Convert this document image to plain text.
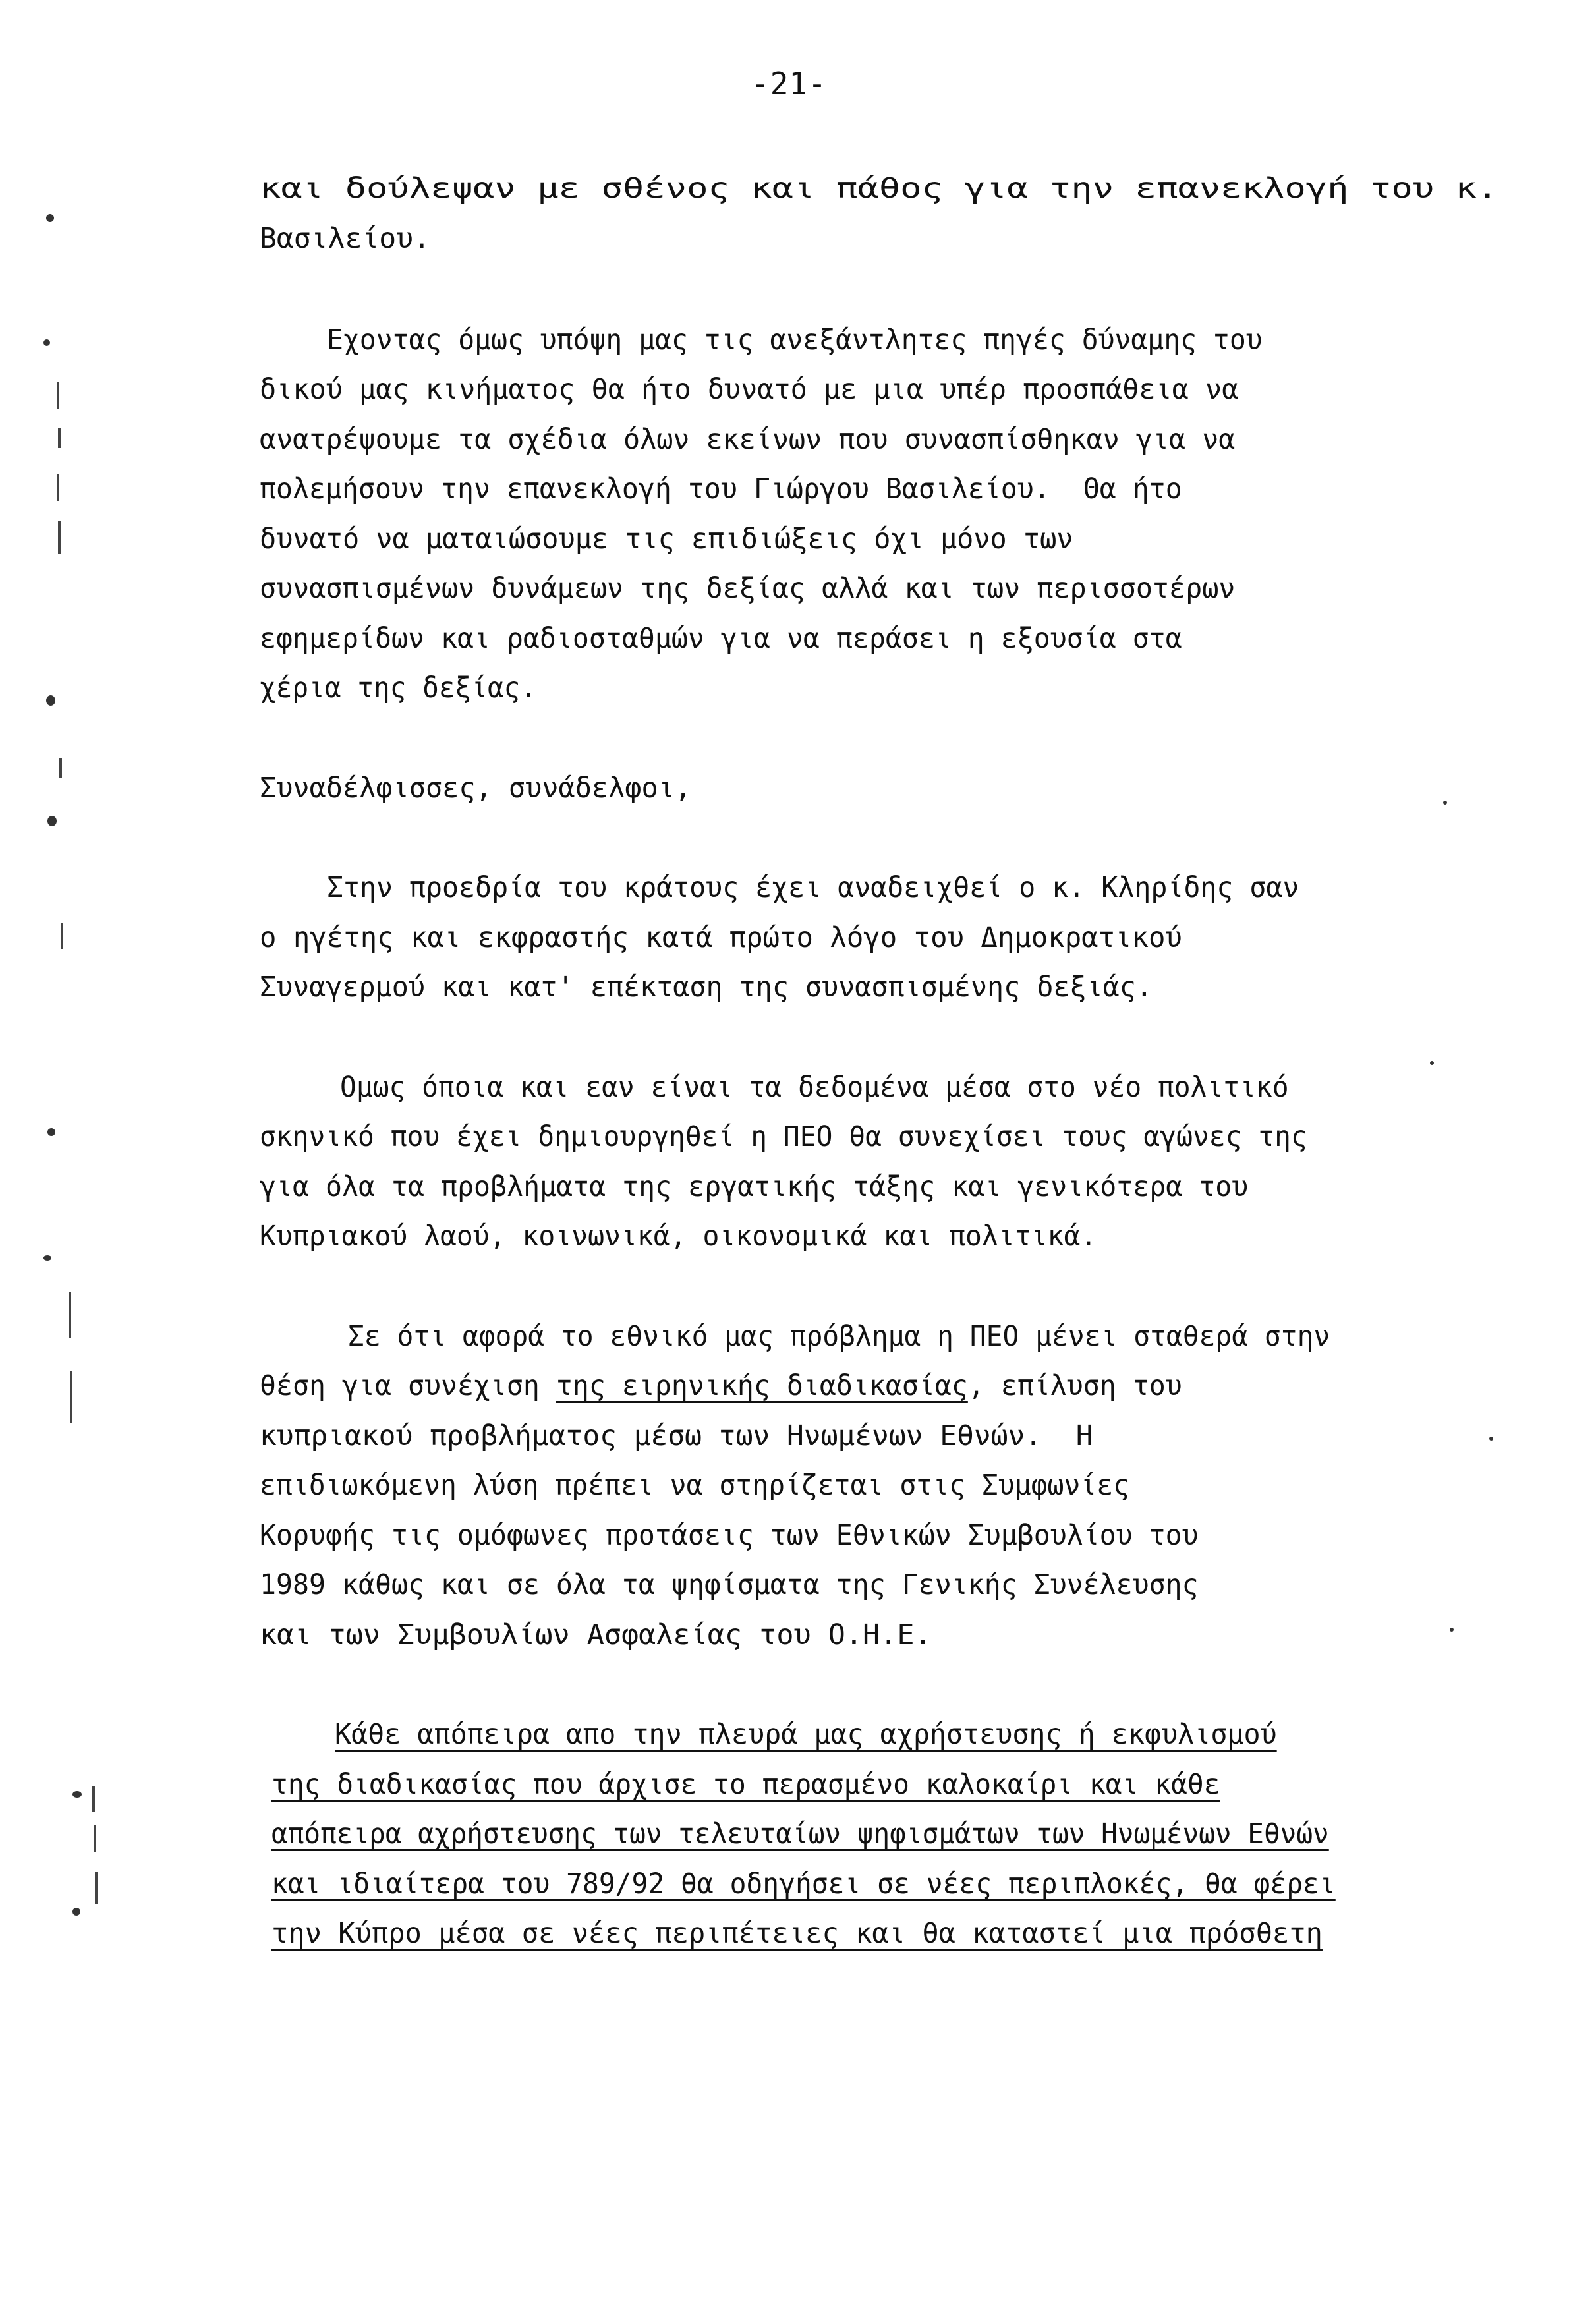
-21-
και δούλεψαν με σθένος και πάθος για την επανεκλογή του κ.
Βασιλείου.
Εχοντας όμως υπόψη μας τις ανεξάντλητες πηγές δύναμης του
δικού μας κινήματος θα ήτο δυνατό με μια υπέρ προσπάθεια να
ανατρέψουμε τα σχέδια όλων εκείνων που συνασπίσθηκαν για να
πολεμήσουν την επανεκλογή του Γιώργου Βασιλείου.  Θα ήτο
δυνατό να ματαιώσουμε τις επιδιώξεις όχι μόνο των
συνασπισμένων δυνάμεων της δεξίας αλλά και των περισσοτέρων
εφημερίδων και ραδιοσταθμών για να περάσει η εξουσία στα
χέρια της δεξίας.
Συναδέλφισσες, συνάδελφοι,
Στην προεδρία του κράτους έχει αναδειχθεί ο κ. Κληρίδης σαν
ο ηγέτης και εκφραστής κατά πρώτο λόγο του Δημοκρατικού
Συναγερμού και κατ' επέκταση της συνασπισμένης δεξιάς.
Ομως όποια και εαν είναι τα δεδομένα μέσα στο νέο πολιτικό
σκηνικό που έχει δημιουργηθεί η ΠΕΟ θα συνεχίσει τους αγώνες της
για όλα τα προβλήματα της εργατικής τάξης και γενικότερα του
Κυπριακού λαού, κοινωνικά, οικονομικά και πολιτικά.
Σε ότι αφορά το εθνικό μας πρόβλημα η ΠΕΟ μένει σταθερά στην
θέση για συνέχιση της ειρηνικής διαδικασίας, επίλυση του
κυπριακού προβλήματος μέσω των Ηνωμένων Εθνών.  Η
επιδιωκόμενη λύση πρέπει να στηρίζεται στις Συμφωνίες
Κορυφής τις ομόφωνες προτάσεις των Εθνικών Συμβουλίου του
1989 κάθως και σε όλα τα ψηφίσματα της Γενικής Συνέλευσης
και των Συμβουλίων Ασφαλείας του Ο.Η.Ε.
Κάθε απόπειρα απο την πλευρά μας αχρήστευσης ή εκφυλισμού
της διαδικασίας που άρχισε το περασμένο καλοκαίρι και κάθε
απόπειρα αχρήστευσης των τελευταίων ψηφισμάτων των Ηνωμένων Εθνών
και ιδιαίτερα του 789/92 θα οδηγήσει σε νέες περιπλοκές, θα φέρει
την Κύπρο μέσα σε νέες περιπέτειες και θα καταστεί μια πρόσθετη
